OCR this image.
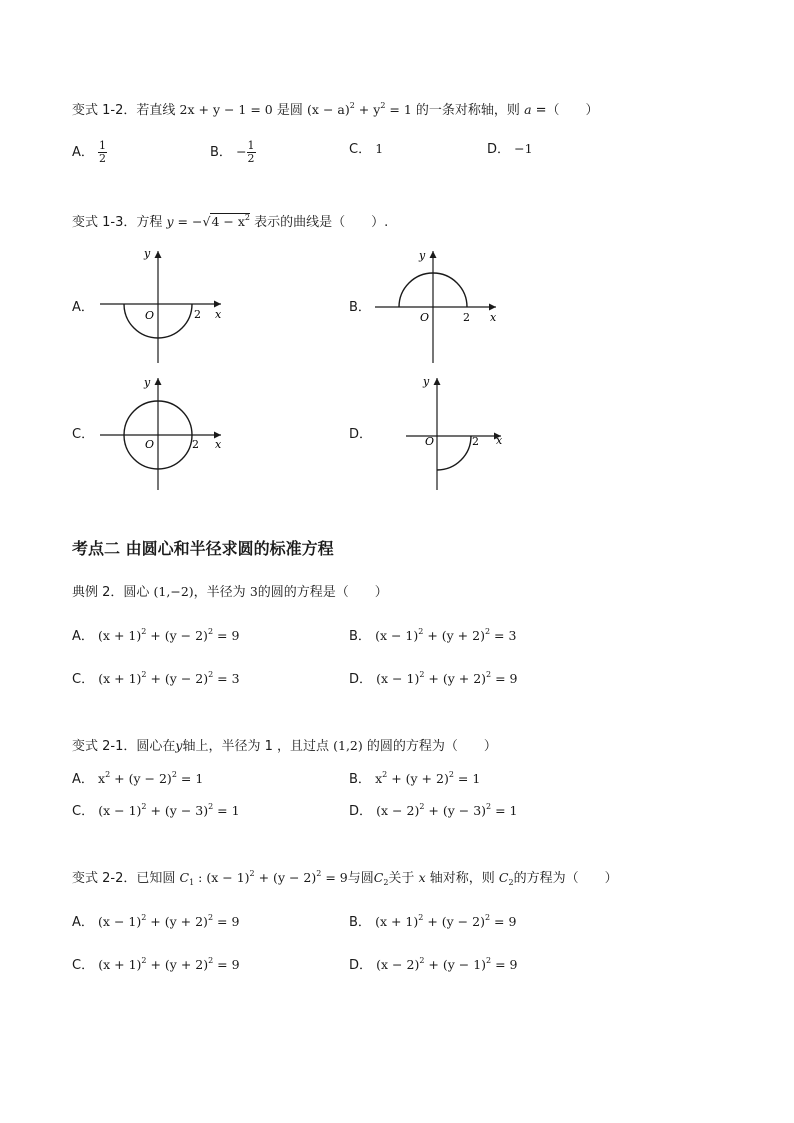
变式 1-2．若直线 2x + y − 1 = 0 是圆 $(x - a)^2 + y^2 = 1$ 的一条对称轴，则 a =（　　）
A． $\frac{1}{2}$	B． − $\frac{1}{2}$	C． 1	D． −1
变式 1-3．方程 $y = -√4 - x^2$ 表示的曲线是（　　）.
A．	B．
C．	D．
y
x
O	2
y
x
O	2
y
x
O	2
y
x
O	2
考点二 由圆心和半径求圆的标准方程
典例 2．圆心 (1,−2)，半径为 3的圆的方程是（　　）
A． $(x + 1)^2 + (y - 2)^2 = 9$	B． $(x - 1)^2 + (y + 2)^2 = 3$
C． $(x + 1)^2 + (y - 2)^2 = 3$	D． $(x - 1)^2 + (y + 2)^2 = 9$
变式 2-1．圆心在y轴上，半径为 1 ，且过点 (1,2) 的圆的方程为（　　）
A． $x^2 + (y - 2)^2 = 1$	B． $x^2 + (y + 2)^2 = 1$
C． $(x - 1)^2 + (y - 3)^2 = 1$	D． $(x - 2)^2 + (y - 3)^2 = 1$
变式 2-2．已知圆 $C_1$ : $(x - 1)^2 + (y - 2)^2 = 9$与圆$C_2$关于 x 轴对称，则 $C_2$的方程为（　　）
A． $(x - 1)^2 + (y + 2)^2 = 9$	B． $(x + 1)^2 + (y - 2)^2 = 9$
C． $(x + 1)^2 + (y + 2)^2 = 9$	D． $(x - 2)^2 + (y - 1)^2 = 9$
